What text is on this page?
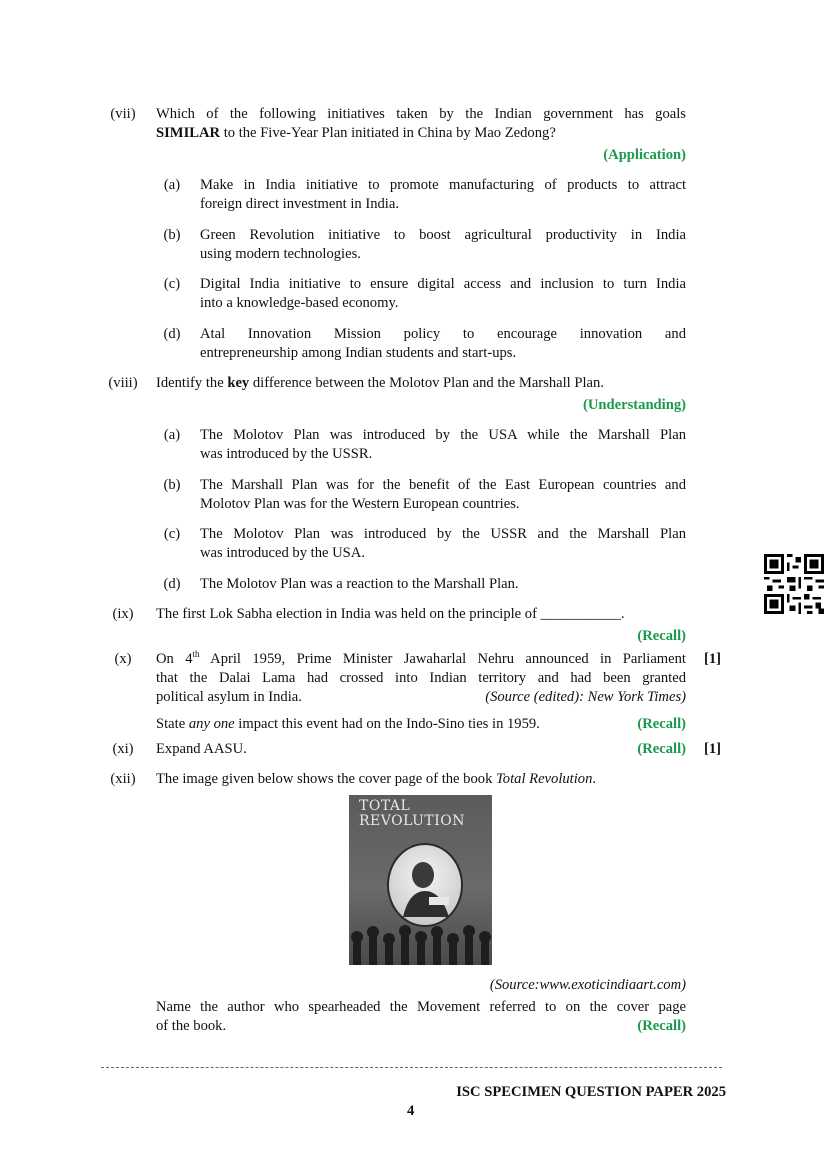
(vii)	Which of the following initiatives taken by the Indian government has goals
SIMILAR to the Five-Year Plan initiated in China by Mao Zedong?
(Application)
(a) Make in India initiative to promote manufacturing of products to attract
foreign direct investment in India.
(b) Green Revolution initiative to boost agricultural productivity in India
using modern technologies.
(c) Digital India initiative to ensure digital access and inclusion to turn India
into a knowledge-based economy.
(d) Atal Innovation Mission policy to encourage innovation and
entrepreneurship among Indian students and start-ups.
(viii)	Identify the key difference between the Molotov Plan and the Marshall Plan.
(Understanding)
(a) The Molotov Plan was introduced by the USA while the Marshall Plan
was introduced by the USSR.
(b) The Marshall Plan was for the benefit of the East European countries and
Molotov Plan was for the Western European countries.
(c) The Molotov Plan was introduced by the USSR and the Marshall Plan
was introduced by the USA.
(d) The Molotov Plan was a reaction to the Marshall Plan.
(ix)	The first Lok Sabha election in India was held on the principle of ___________.
(Recall)
(x)	On 4th April 1959, Prime Minister Jawaharlal Nehru announced in Parliament [1]
that the Dalai Lama had crossed into Indian territory and had been granted
political asylum in India.	(Source (edited): New York Times)
State any one impact this event had on the Indo-Sino ties in 1959.	(Recall)
(xi)	Expand AASU.	(Recall) [1]
(xii)	The image given below shows the cover page of the book Total Revolution.
TOTAL
REVOLUTION
(Source:www.exoticindiaart.com)
Name the author who spearheaded the Movement referred to on the cover page
of the book.	(Recall)
ISC SPECIMEN QUESTION PAPER 2025
4
